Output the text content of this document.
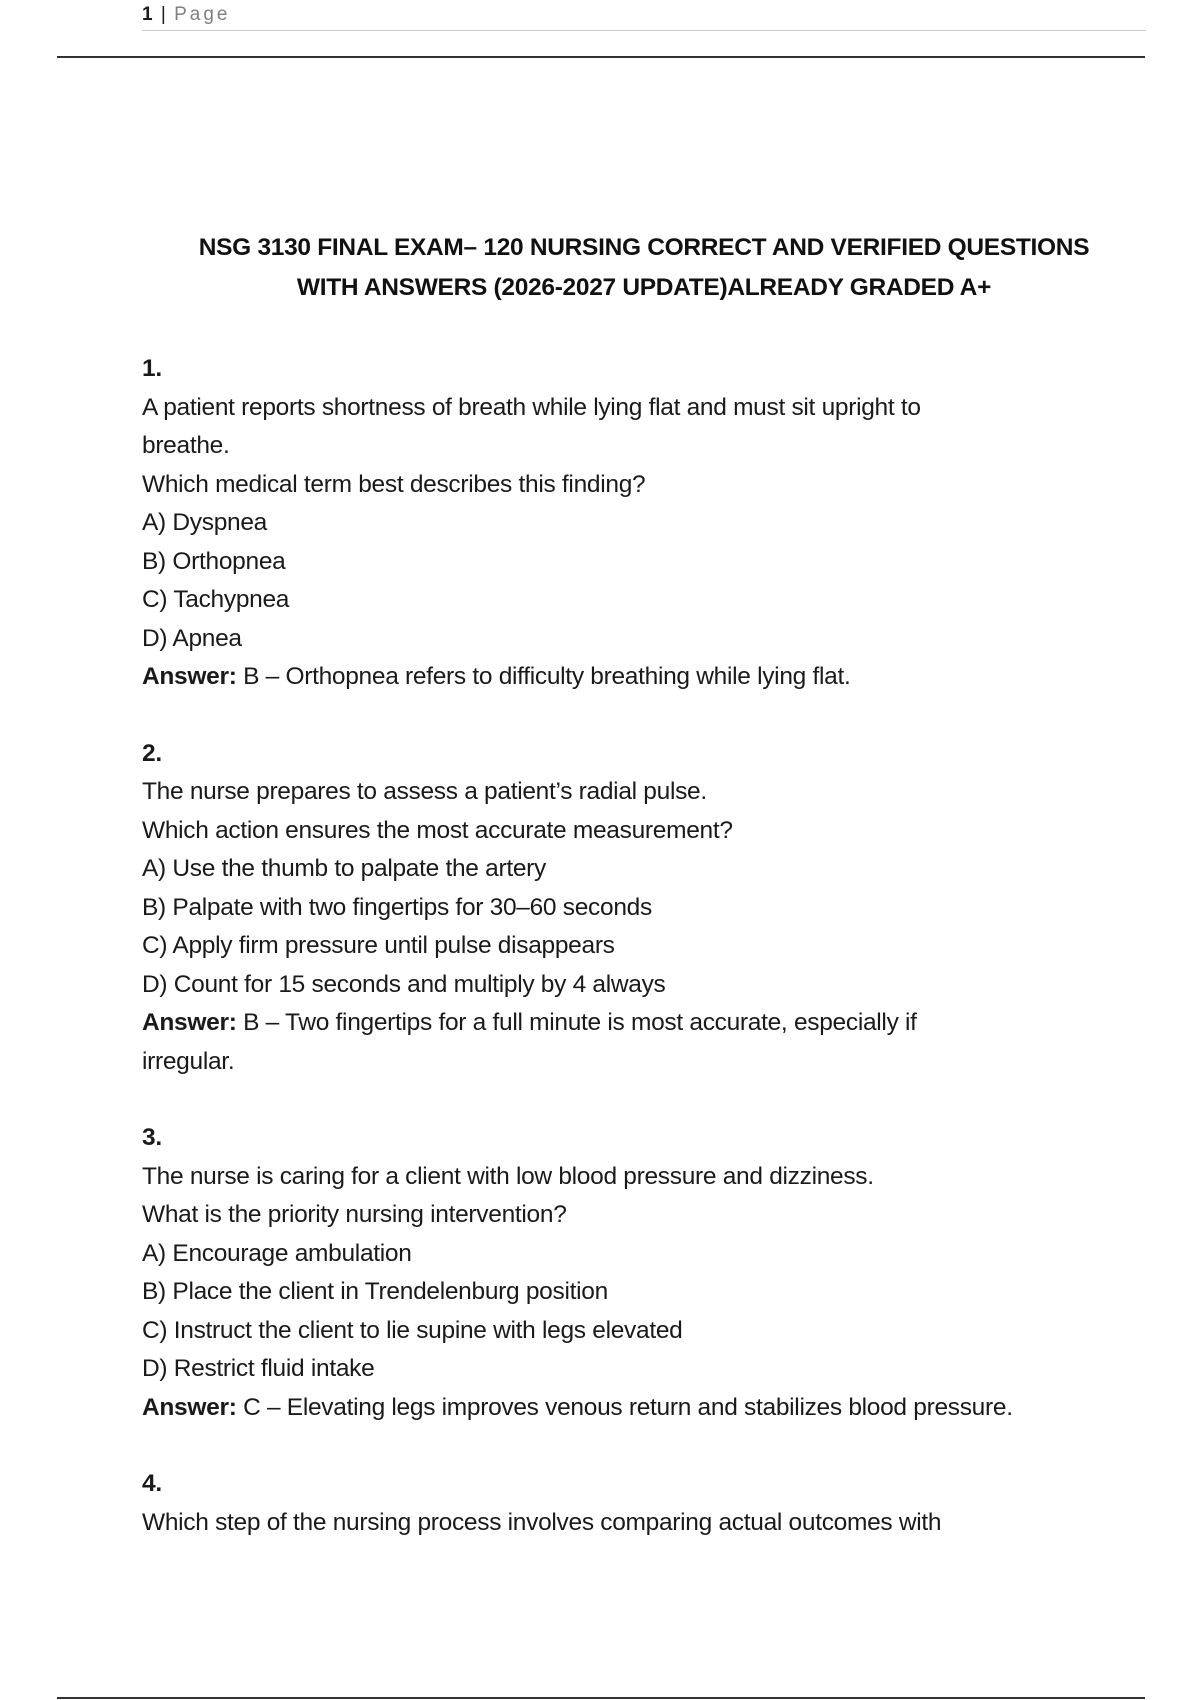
1 | Page
NSG 3130 FINAL EXAM– 120 NURSING CORRECT AND VERIFIED QUESTIONS
WITH ANSWERS (2026-2027 UPDATE)ALREADY GRADED A+
1.
A patient reports shortness of breath while lying flat and must sit upright to
breathe.
Which medical term best describes this finding?
A) Dyspnea
B) Orthopnea
C) Tachypnea
D) Apnea
Answer: B – Orthopnea refers to difficulty breathing while lying flat.
2.
The nurse prepares to assess a patient’s radial pulse.
Which action ensures the most accurate measurement?
A) Use the thumb to palpate the artery
B) Palpate with two fingertips for 30–60 seconds
C) Apply firm pressure until pulse disappears
D) Count for 15 seconds and multiply by 4 always
Answer: B – Two fingertips for a full minute is most accurate, especially if
irregular.
3.
The nurse is caring for a client with low blood pressure and dizziness.
What is the priority nursing intervention?
A) Encourage ambulation
B) Place the client in Trendelenburg position
C) Instruct the client to lie supine with legs elevated
D) Restrict fluid intake
Answer: C – Elevating legs improves venous return and stabilizes blood pressure.
4.
Which step of the nursing process involves comparing actual outcomes with
